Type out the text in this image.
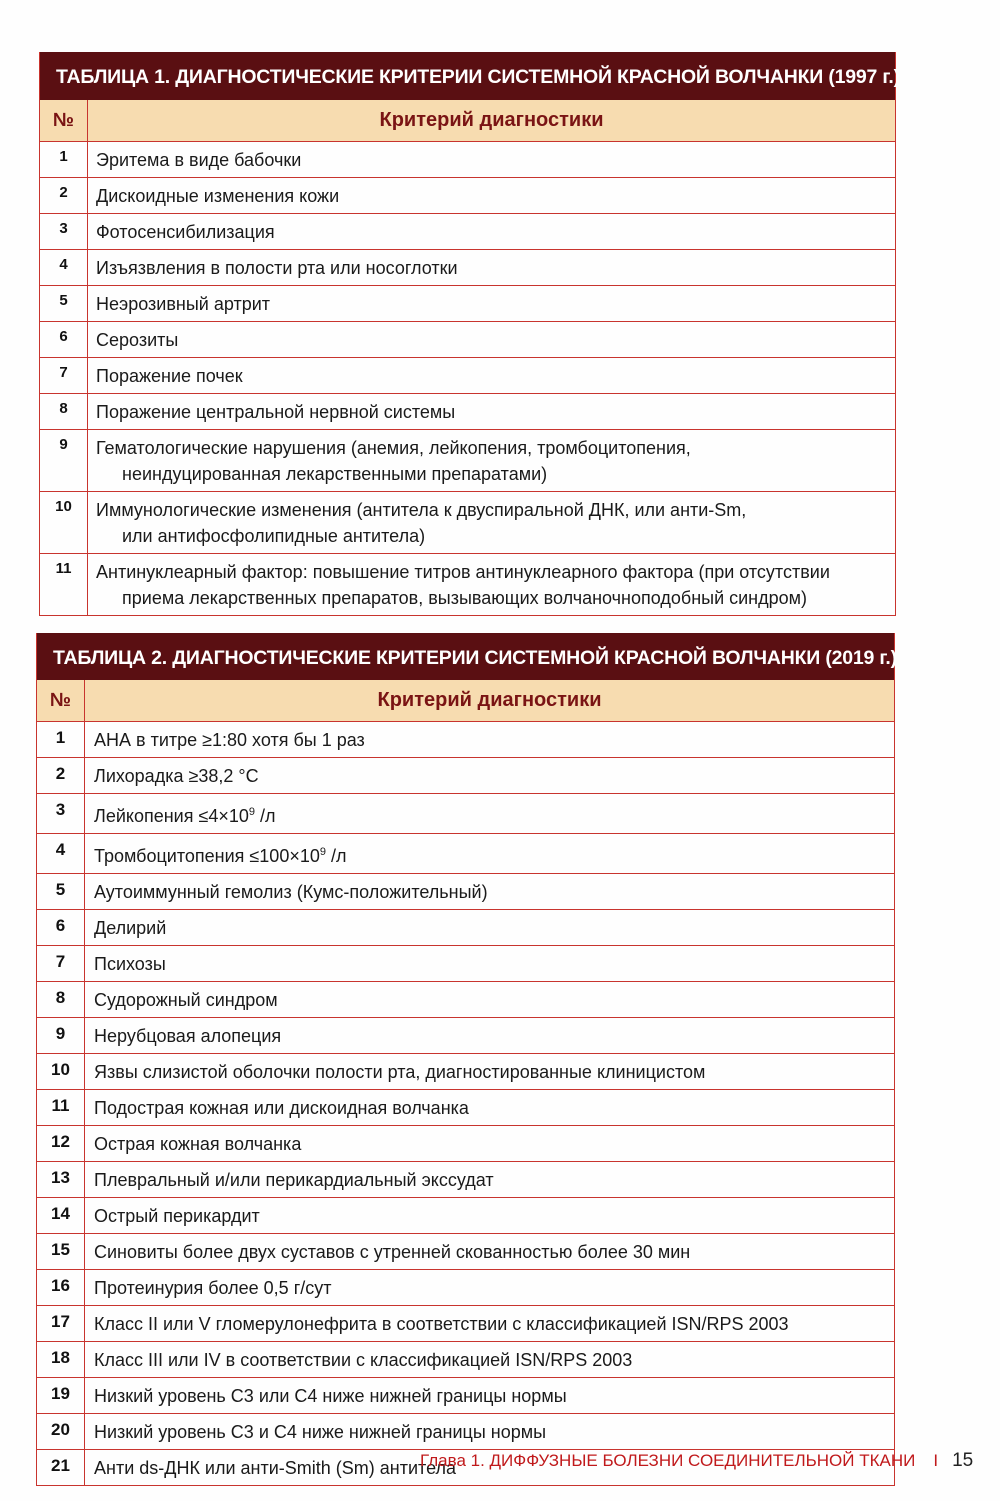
ТАБЛИЦА 1. ДИАГНОСТИЧЕСКИЕ КРИТЕРИИ СИСТЕМНОЙ КРАСНОЙ ВОЛЧАНКИ (1997 г.)
№	Критерий диагностики
1	Эритема в виде бабочки
2	Дискоидные изменения кожи
3	Фотосенсибилизация
4	Изъязвления в полости рта или носоглотки
5	Неэрозивный артрит
6	Серозиты
7	Поражение почек
8	Поражение центральной нервной системы
9	Гематологические нарушения (анемия, лейкопения, тромбоцитопения,
неиндуцированная лекарственными препаратами)
10	Иммунологические изменения (антитела к двуспиральной ДНК, или анти-Sm,
или антифосфолипидные антитела)
11	Антинуклеарный фактор: повышение титров антинуклеарного фактора (при отсутствии
приема лекарственных препаратов, вызывающих волчаночноподобный синдром)
ТАБЛИЦА 2. ДИАГНОСТИЧЕСКИЕ КРИТЕРИИ СИСТЕМНОЙ КРАСНОЙ ВОЛЧАНКИ (2019 г.)
№	Критерий диагностики
1	АНА в титре ≥1:80 хотя бы 1 раз
2	Лихорадка ≥38,2 °С
3	Лейкопения $\le 4\times 10^9$ /л
4	Тромбоцитопения $\le 100\times 10^9$ /л
5	Аутоиммунный гемолиз (Кумс-положительный)
6	Делирий
7	Психозы
8	Судорожный синдром
9	Нерубцовая алопеция
10	Язвы слизистой оболочки полости рта, диагностированные клиницистом
11	Подострая кожная или дискоидная волчанка
12	Острая кожная волчанка
13	Плевральный и/или перикардиальный экссудат
14	Острый перикардит
15	Синовиты более двух суставов с утренней скованностью более 30 мин
16	Протеинурия более 0,5 г/сут
17	Класс II или V гломерулонефрита в соответствии с классификацией ISN/RPS 2003
18	Класс III или IV в соответствии с классификацией ISN/RPS 2003
19	Низкий уровень С3 или С4 ниже нижней границы нормы
20	Низкий уровень С3 и С4 ниже нижней границы нормы
21	Анти ds-ДНК или анти-Smith (Sm) антитела
Глава 1. ДИФФУЗНЫЕ БОЛЕЗНИ СОЕДИНИТЕЛЬНОЙ ТКАНИ I 15
